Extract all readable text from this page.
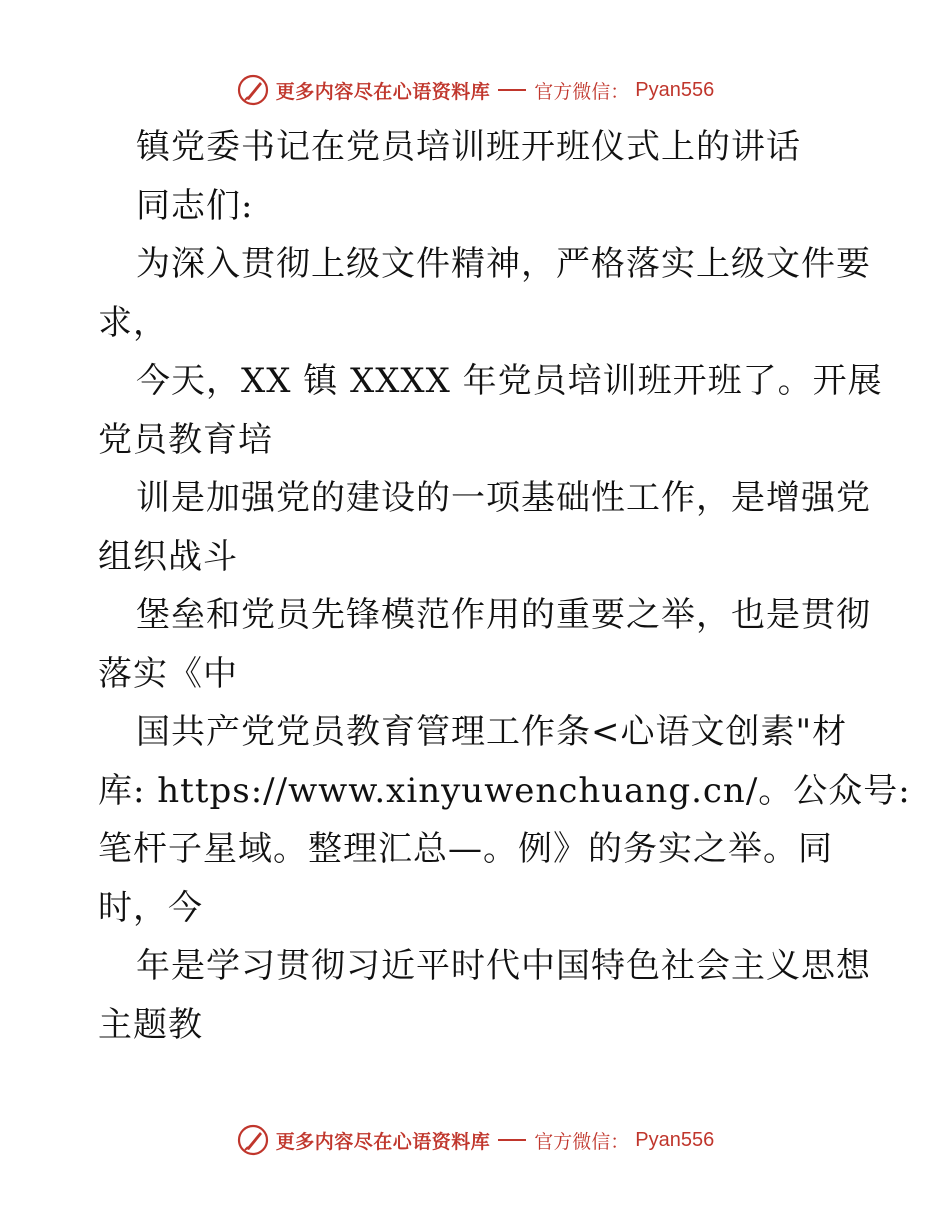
更多内容尽在心语资料库 官方微信： Pyan556
镇党委书记在党员培训班开班仪式上的讲话
同志们:
为深入贯彻上级文件精神，严格落实上级文件要
求，
今天，XX 镇 XXXX 年党员培训班开班了。开展
党员教育培
训是加强党的建设的一项基础性工作，是增强党
组织战斗
堡垒和党员先锋模范作用的重要之举，也是贯彻
落实《中
国共产党党员教育管理工作条<心语文创素"材
库: https://www.xinyuwenchuang.cn/。公众号:
笔杆子星域。整理汇总—。例》的务实之举。同
时，今
年是学习贯彻习近平时代中国特色社会主义思想
主题教
更多内容尽在心语资料库 官方微信： Pyan556
